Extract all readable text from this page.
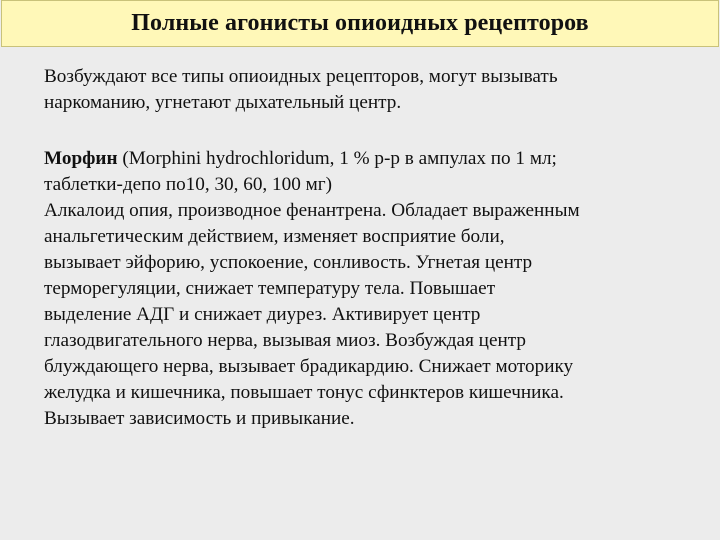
Полные агонисты опиоидных рецепторов
Возбуждают все типы опиоидных рецепторов, могут вызывать
наркоманию, угнетают дыхательный центр.
Морфин (Morphini hydrochloridum, 1 % р-р в ампулах по 1 мл;
таблетки-депо по10, 30, 60, 100 мг)
Алкалоид опия, производное фенантрена. Обладает выраженным
анальгетическим действием, изменяет восприятие боли,
вызывает эйфорию, успокоение, сонливость. Угнетая центр
терморегуляции, снижает температуру тела. Повышает
выделение АДГ и снижает диурез. Активирует центр
глазодвигательного нерва, вызывая миоз. Возбуждая центр
блуждающего нерва, вызывает брадикардию. Снижает моторику
желудка и кишечника, повышает тонус сфинктеров кишечника.
Вызывает зависимость и привыкание.
